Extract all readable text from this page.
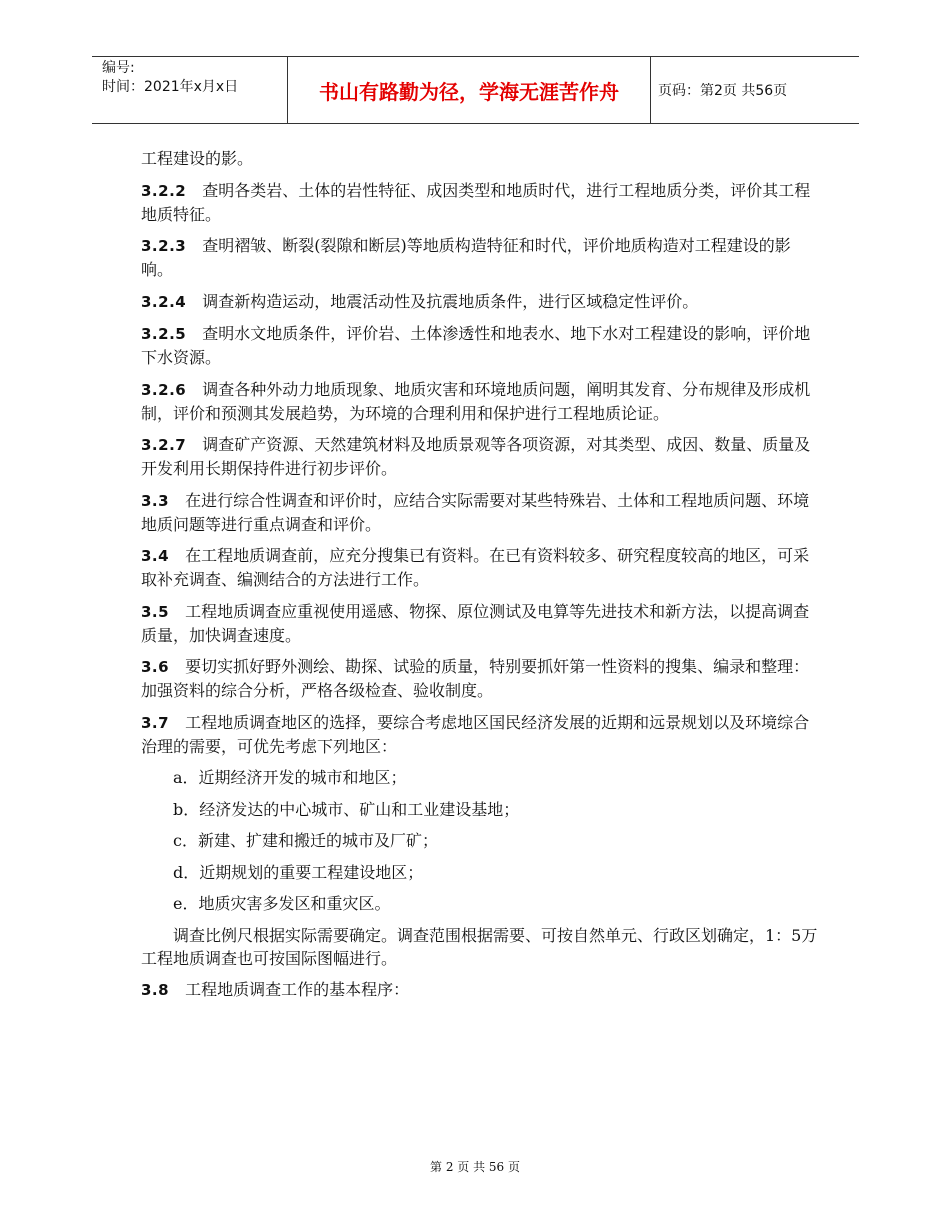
编号:
时间：2021年x月x日	书山有路勤为径，学海无涯苦作舟	页码：第2页 共56页

工程建设的影。

3.2.2 查明各类岩、土体的岩性特征、成因类型和地质时代，进行工程地质分类，评价其工程地质特征。

3.2.3 查明褶皱、断裂(裂隙和断层)等地质构造特征和时代，评价地质构造对工程建设的影响。

3.2.4 调查新构造运动，地震活动性及抗震地质条件，进行区域稳定性评价。

3.2.5 查明水文地质条件，评价岩、土体渗透性和地表水、地下水对工程建设的影响，评价地下水资源。

3.2.6 调查各种外动力地质现象、地质灾害和环境地质问题，阐明其发育、分布规律及形成机制，评价和预测其发展趋势，为环境的合理利用和保护进行工程地质论证。

3.2.7 调查矿产资源、天然建筑材料及地质景观等各项资源，对其类型、成因、数量、质量及开发利用长期保持件进行初步评价。

3.3 在进行综合性调查和评价时，应结合实际需要对某些特殊岩、土体和工程地质问题、环境地质问题等进行重点调查和评价。

3.4 在工程地质调查前，应充分搜集已有资料。在已有资料较多、研究程度较高的地区，可采取补充调查、编测结合的方法进行工作。

3.5 工程地质调查应重视使用遥感、物探、原位测试及电算等先进技术和新方法，以提高调查质量，加快调查速度。

3.6 要切实抓好野外测绘、勘探、试验的质量，特别要抓奸第一性资料的搜集、编录和整理：加强资料的综合分析，严格各级检查、验收制度。

3.7 工程地质调查地区的选择，要综合考虑地区国民经济发展的近期和远景规划以及环境综合治理的需要，可优先考虑下列地区：

a．近期经济开发的城市和地区；

b．经济发达的中心城市、矿山和工业建设基地；

c．新建、扩建和搬迁的城市及厂矿；

d．近期规划的重要工程建设地区；

e．地质灾害多发区和重灾区。

调查比例尺根据实际需要确定。调查范围根据需要、可按自然单元、行政区划确定，1：5万工程地质调查也可按国际图幅进行。

3.8 工程地质调查工作的基本程序：

第 2 页 共 56 页
